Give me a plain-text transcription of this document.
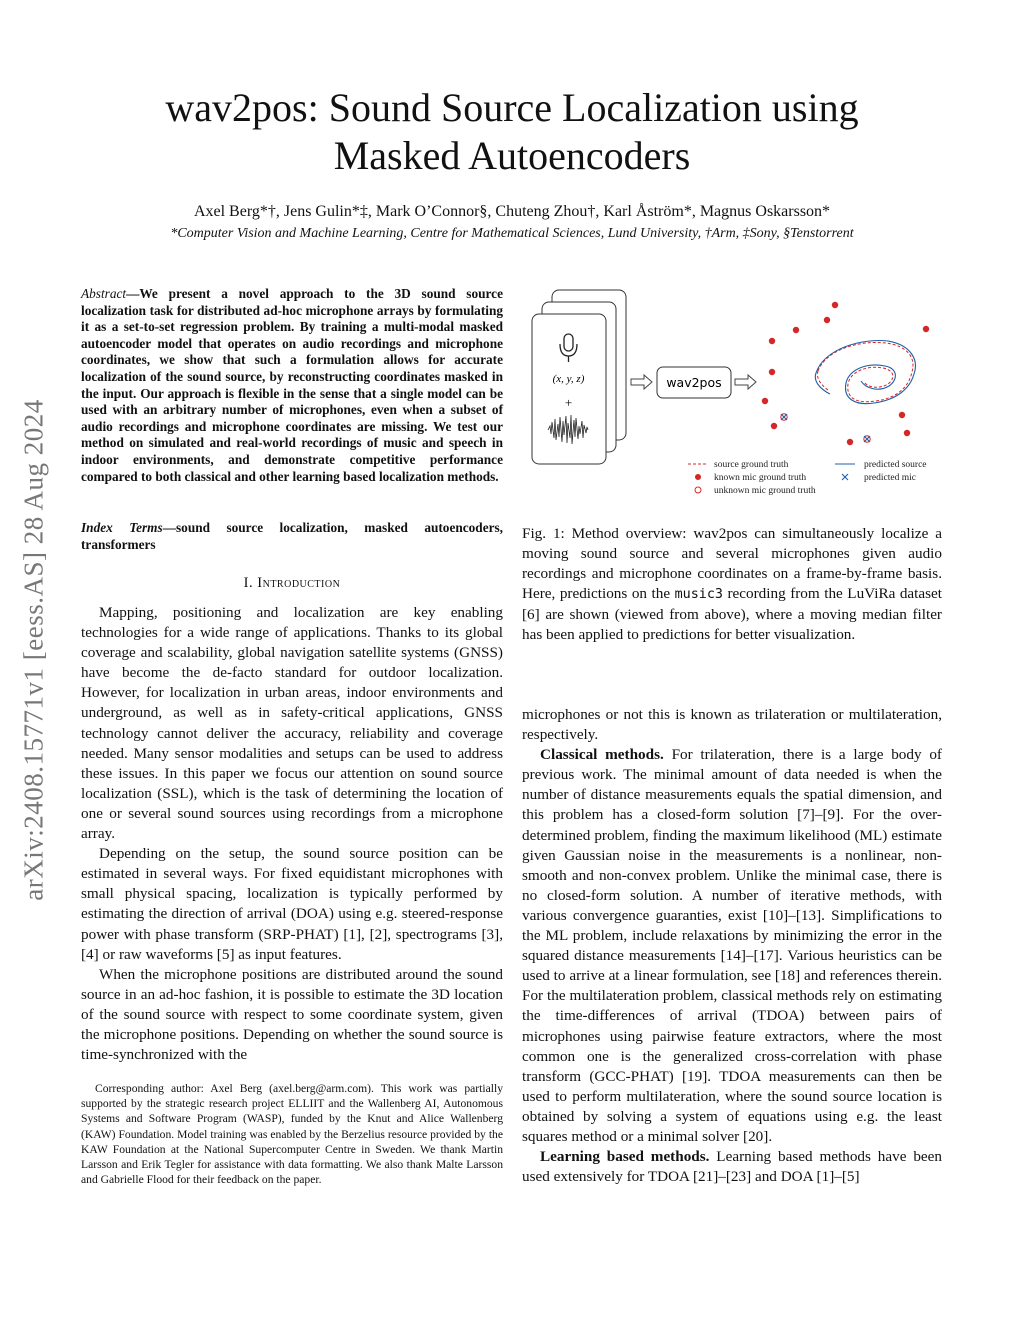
arXiv:2408.15771v1 [eess.AS] 28 Aug 2024
wav2pos: Sound Source Localization using
Masked Autoencoders
Axel Berg*†, Jens Gulin*‡, Mark O’Connor§, Chuteng Zhou†, Karl Åström*, Magnus Oskarsson*
*Computer Vision and Machine Learning, Centre for Mathematical Sciences, Lund University, †Arm, ‡Sony, §Tenstorrent
Abstract—We present a novel approach to the 3D sound source localization task for distributed ad-hoc microphone arrays by formulating it as a set-to-set regression problem. By training a multi-modal masked autoencoder model that operates on audio recordings and microphone coordinates, we show that such a formulation allows for accurate localization of the sound source, by reconstructing coordinates masked in the input. Our approach is flexible in the sense that a single model can be used with an arbitrary number of microphones, even when a subset of audio recordings and microphone coordinates are missing. We test our method on simulated and real-world recordings of music and speech in indoor environments, and demonstrate competitive performance compared to both classical and other learning based localization methods.
Index Terms—sound source localization, masked autoencoders, transformers
I. Introduction

Mapping, positioning and localization are key enabling technologies for a wide range of applications. Thanks to its global coverage and scalability, global navigation satellite systems (GNSS) have become the de-facto standard for outdoor localization. However, for localization in urban areas, indoor environments and underground, as well as in safety-critical applications, GNSS technology cannot deliver the accuracy, reliability and coverage needed. Many sensor modalities and setups can be used to address these issues. In this paper we focus our attention on sound source localization (SSL), which is the task of determining the location of one or several sound sources using recordings from a microphone array.

Depending on the setup, the sound source position can be estimated in several ways. For fixed equidistant microphones with small physical spacing, localization is typically performed by estimating the direction of arrival (DOA) using e.g. steered-response power with phase transform (SRP-PHAT) [1], [2], spectrograms [3], [4] or raw waveforms [5] as input features.

When the microphone positions are distributed around the sound source in an ad-hoc fashion, it is possible to estimate the 3D location of the sound source with respect to some coordinate system, given the microphone positions. Depending on whether the sound source is time-synchronized with the

Corresponding author: Axel Berg (axel.berg@arm.com). This work was partially supported by the strategic research project ELLIIT and the Wallenberg AI, Autonomous Systems and Software Program (WASP), funded by the Knut and Alice Wallenberg (KAW) Foundation. Model training was enabled by the Berzelius resource provided by the KAW Foundation at the National Supercomputer Centre in Sweden. We thank Martin Larsson and Erik Tegler for assistance with data formatting. We also thank Malte Larsson and Gabrielle Flood for their feedback on the paper.

(x, y, z)
+
wav2pos
source ground truth
known mic ground truth
unknown mic ground truth
predicted source
predicted mic
Fig. 1: Method overview: wav2pos can simultaneously localize a moving sound source and several microphones given audio recordings and microphone coordinates on a frame-by-frame basis. Here, predictions on the music3 recording from the LuViRa dataset [6] are shown (viewed from above), where a moving median filter has been applied to predictions for better visualization.

microphones or not this is known as trilateration or multilateration, respectively.

Classical methods. For trilateration, there is a large body of previous work. The minimal amount of data needed is when the number of distance measurements equals the spatial dimension, and this problem has a closed-form solution [7]–[9]. For the over-determined problem, finding the maximum likelihood (ML) estimate given Gaussian noise in the measurements is a nonlinear, non-smooth and non-convex problem. Unlike the minimal case, there is no closed-form solution. A number of iterative methods, with various convergence guaranties, exist [10]–[13]. Simplifications to the ML problem, include relaxations by minimizing the error in the squared distance measurements [14]–[17]. Various heuristics can be used to arrive at a linear formulation, see [18] and references therein. For the multilateration problem, classical methods rely on estimating the time-differences of arrival (TDOA) between pairs of microphones using pairwise feature extractors, where the most common one is the generalized cross-correlation with phase transform (GCC-PHAT) [19]. TDOA measurements can then be used to perform multilateration, where the sound source location is obtained by solving a system of equations using e.g. the least squares method or a minimal solver [20].

Learning based methods. Learning based methods have been used extensively for TDOA [21]–[23] and DOA [1]–[5]
